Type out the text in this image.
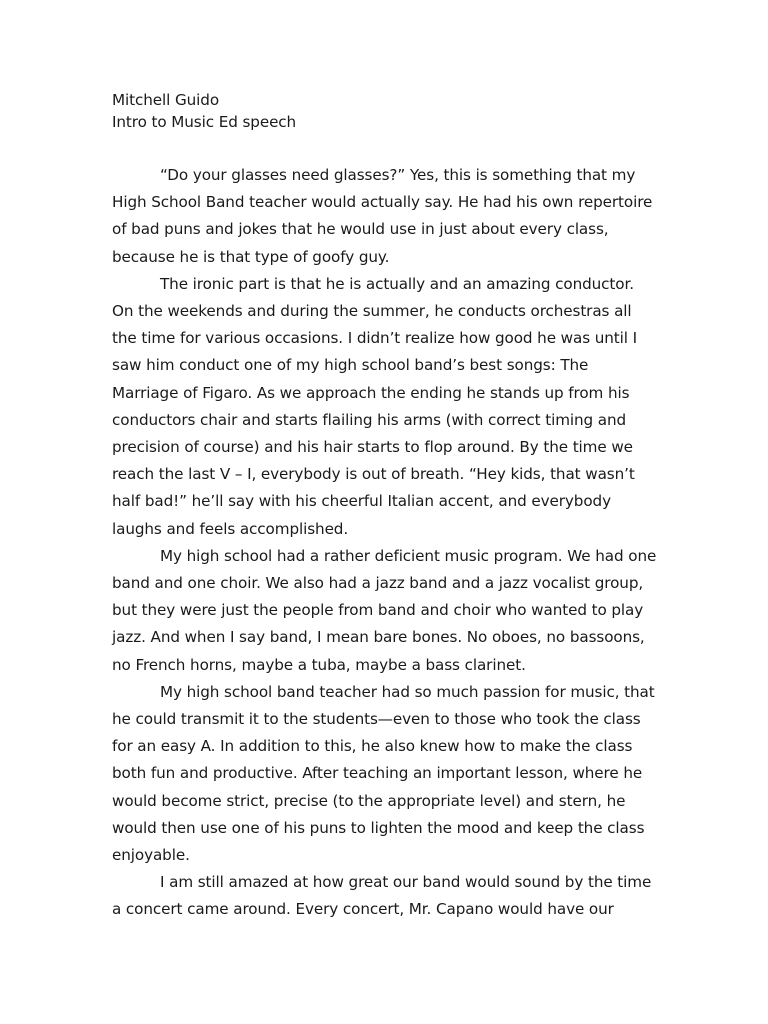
Mitchell Guido
Intro to Music Ed speech

“Do your glasses need glasses?” Yes, this is something that my High School Band teacher would actually say. He had his own repertoire of bad puns and jokes that he would use in just about every class, because he is that type of goofy guy.

The ironic part is that he is actually and an amazing conductor. On the weekends and during the summer, he conducts orchestras all the time for various occasions. I didn’t realize how good he was until I saw him conduct one of my high school band’s best songs: The Marriage of Figaro. As we approach the ending he stands up from his conductors chair and starts flailing his arms (with correct timing and precision of course) and his hair starts to flop around. By the time we reach the last V – I, everybody is out of breath. “Hey kids, that wasn’t half bad!” he’ll say with his cheerful Italian accent, and everybody laughs and feels accomplished.

My high school had a rather deficient music program. We had one band and one choir. We also had a jazz band and a jazz vocalist group, but they were just the people from band and choir who wanted to play jazz. And when I say band, I mean bare bones. No oboes, no bassoons, no French horns, maybe a tuba, maybe a bass clarinet.

My high school band teacher had so much passion for music, that he could transmit it to the students—even to those who took the class for an easy A. In addition to this, he also knew how to make the class both fun and productive. After teaching an important lesson, where he would become strict, precise (to the appropriate level) and stern, he would then use one of his puns to lighten the mood and keep the class enjoyable.

I am still amazed at how great our band would sound by the time a concert came around. Every concert, Mr. Capano would have our
